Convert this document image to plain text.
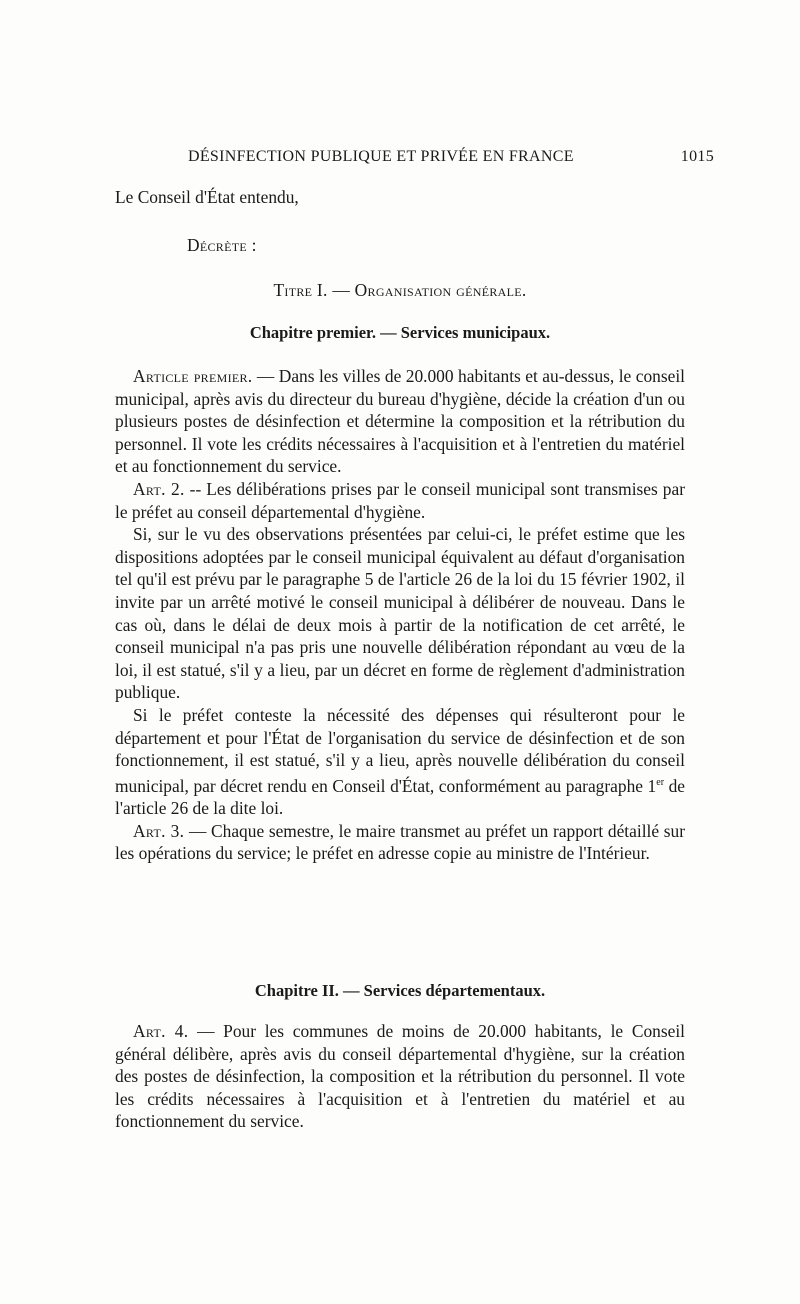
DÉSINFECTION PUBLIQUE ET PRIVÉE EN FRANCE	1015
Le Conseil d'État entendu,
Décrète :
Titre I. — Organisation générale.
Chapitre premier. — Services municipaux.

Article premier. — Dans les villes de 20.000 habitants et au-dessus, le conseil municipal, après avis du directeur du bureau d'hygiène, décide la création d'un ou plusieurs postes de désinfection et détermine la composition et la rétribution du personnel. Il vote les crédits nécessaires à l'acquisition et à l'entretien du matériel et au fonctionnement du service.

Art. 2. -- Les délibérations prises par le conseil municipal sont transmises par le préfet au conseil départemental d'hygiène.

Si, sur le vu des observations présentées par celui-ci, le préfet estime que les dispositions adoptées par le conseil municipal équivalent au défaut d'organisation tel qu'il est prévu par le paragraphe 5 de l'article 26 de la loi du 15 février 1902, il invite par un arrêté motivé le conseil municipal à délibérer de nouveau. Dans le cas où, dans le délai de deux mois à partir de la notification de cet arrêté, le conseil municipal n'a pas pris une nouvelle délibération répondant au vœu de la loi, il est statué, s'il y a lieu, par un décret en forme de règlement d'administration publique.

Si le préfet conteste la nécessité des dépenses qui résulteront pour le département et pour l'État de l'organisation du service de désinfection et de son fonctionnement, il est statué, s'il y a lieu, après nouvelle délibération du conseil municipal, par décret rendu en Conseil d'État, conformément au paragraphe 1er de l'article 26 de la dite loi.

Art. 3. — Chaque semestre, le maire transmet au préfet un rapport détaillé sur les opérations du service; le préfet en adresse copie au ministre de l'Intérieur.

Chapitre II. — Services départementaux.

Art. 4. — Pour les communes de moins de 20.000 habitants, le Conseil général délibère, après avis du conseil départemental d'hygiène, sur la création des postes de désinfection, la composition et la rétribution du personnel. Il vote les crédits nécessaires à l'acquisition et à l'entretien du matériel et au fonctionnement du service.
